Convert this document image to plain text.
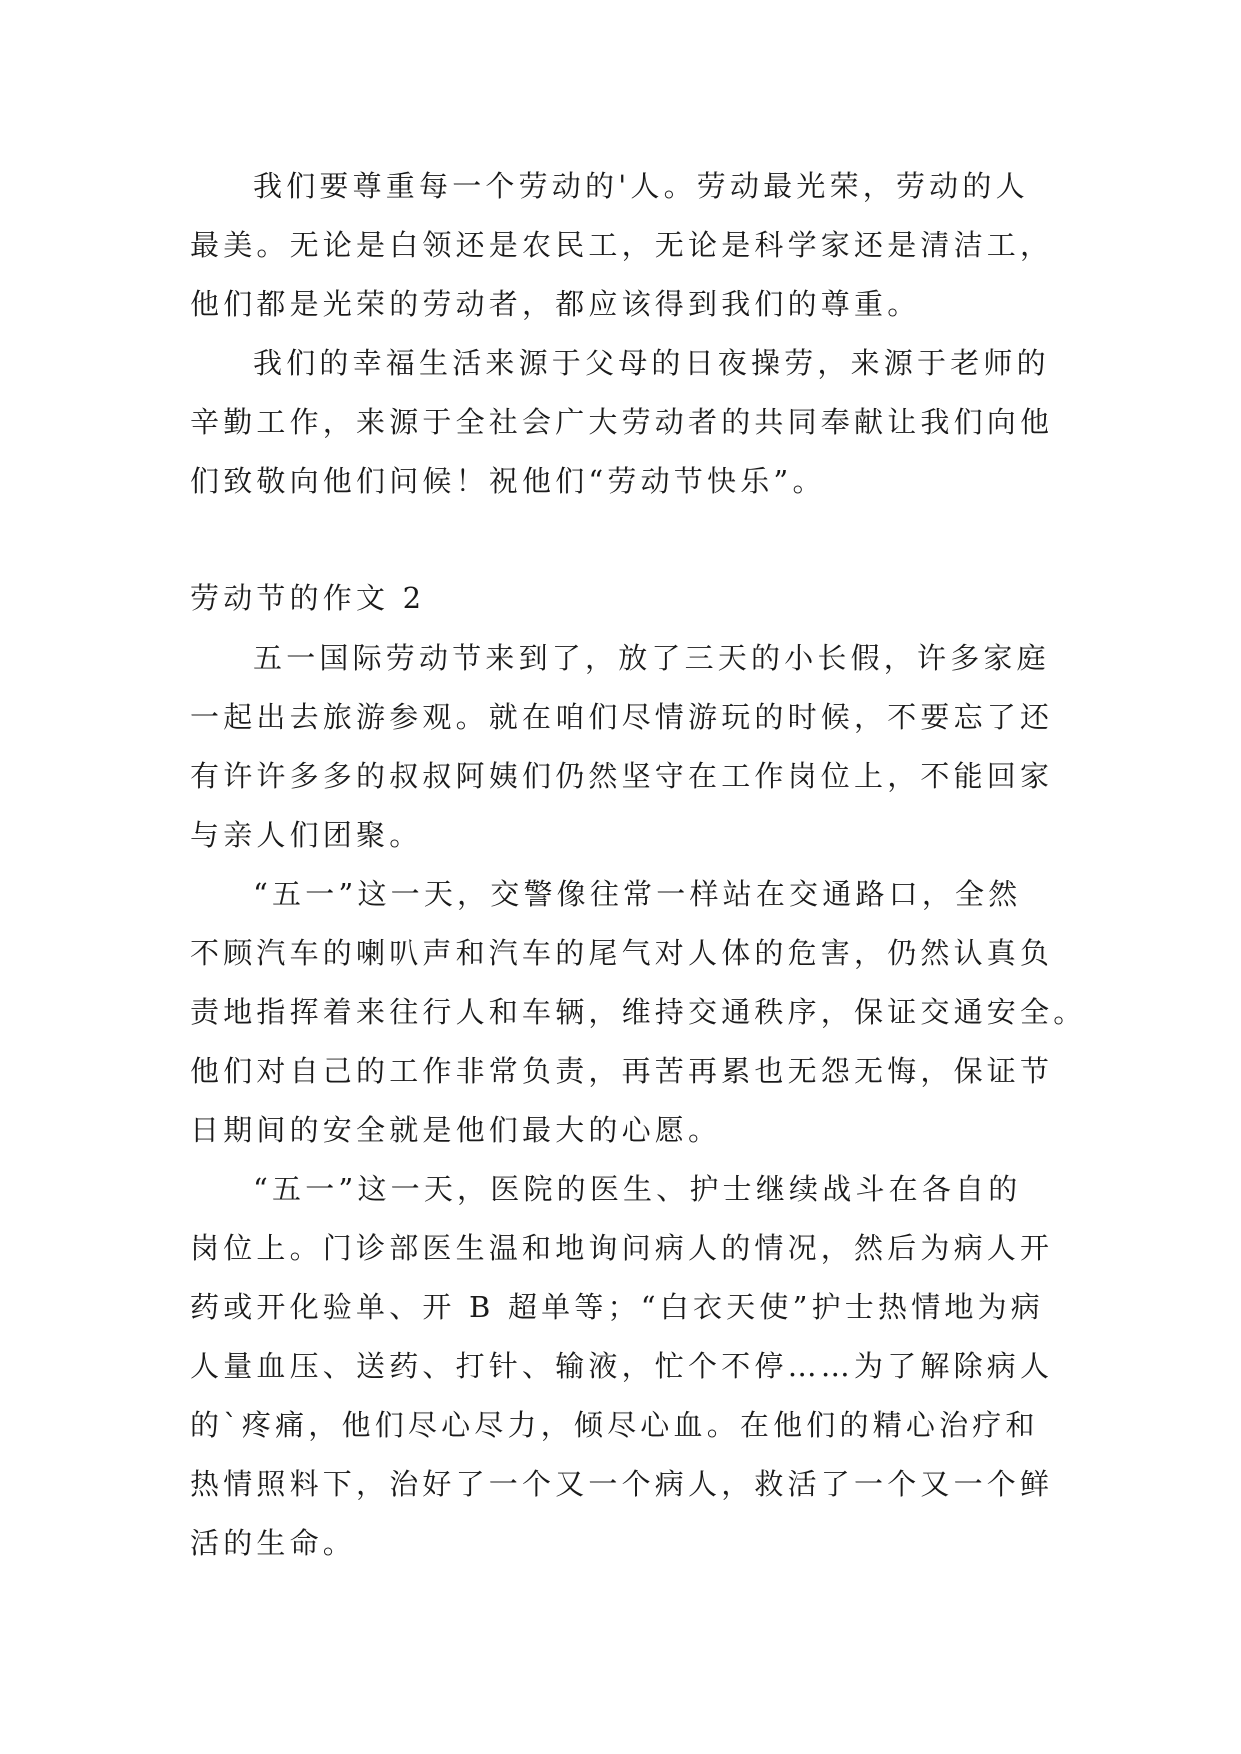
我们要尊重每一个劳动的'人。劳动最光荣，劳动的人

最美。无论是白领还是农民工，无论是科学家还是清洁工，

他们都是光荣的劳动者，都应该得到我们的尊重。

我们的幸福生活来源于父母的日夜操劳，来源于老师的

辛勤工作，来源于全社会广大劳动者的共同奉献让我们向他

们致敬向他们问候！祝他们“劳动节快乐”。

劳动节的作文 2

五一国际劳动节来到了，放了三天的小长假，许多家庭

一起出去旅游参观。就在咱们尽情游玩的时候，不要忘了还

有许许多多的叔叔阿姨们仍然坚守在工作岗位上，不能回家

与亲人们团聚。

“五一”这一天，交警像往常一样站在交通路口，全然

不顾汽车的喇叭声和汽车的尾气对人体的危害，仍然认真负

责地指挥着来往行人和车辆，维持交通秩序，保证交通安全。

他们对自己的工作非常负责，再苦再累也无怨无悔，保证节

日期间的安全就是他们最大的心愿。

“五一”这一天，医院的医生、护士继续战斗在各自的

岗位上。门诊部医生温和地询问病人的情况，然后为病人开

药或开化验单、开 B 超单等；“白衣天使”护士热情地为病

人量血压、送药、打针、输液，忙个不停……为了解除病人

的`疼痛，他们尽心尽力，倾尽心血。在他们的精心治疗和

热情照料下，治好了一个又一个病人，救活了一个又一个鲜

活的生命。
